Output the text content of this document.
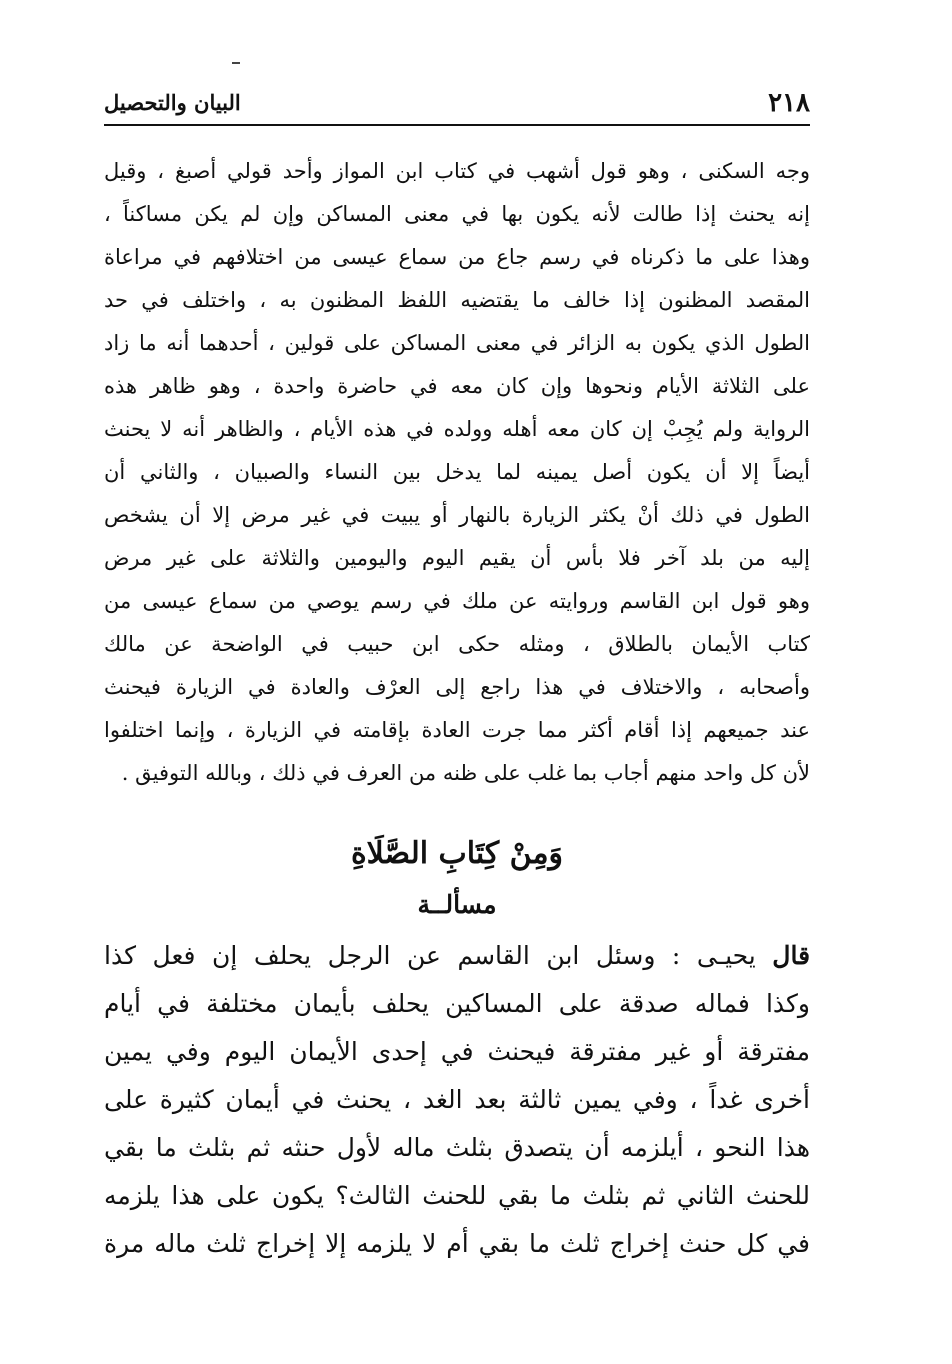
٢١٨
البيان والتحصيل
وجه السكنى ، وهو قول أشهب في كتاب ابن المواز وأحد قولي أصبغ ، وقيل
إنه يحنث إذا طالت لأنه يكون بها في معنى المساكن وإن لم يكن مساكناً ،
وهذا على ما ذكرناه في رسم جاع من سماع عيسى من اختلافهم في مراعاة
المقصد المظنون إذا خالف ما يقتضيه اللفظ المظنون به ، واختلف في حد
الطول الذي يكون به الزائر في معنى المساكن على قولين ، أحدهما أنه ما زاد
على الثلاثة الأيام ونحوها وإن كان معه في حاضرة واحدة ، وهو ظاهر هذه
الرواية ولم يُجِبْ إن كان معه أهله وولده في هذه الأيام ، والظاهر أنه لا يحنث
أيضاً إلا أن يكون أصل يمينه لما يدخل بين النساء والصبيان ، والثاني أن
الطول في ذلك أنْ يكثر الزيارة بالنهار أو يبيت في غير مرض إلا أن يشخص
إليه من بلد آخر فلا بأس أن يقيم اليوم واليومين والثلاثة على غير مرض
وهو قول ابن القاسم وروايته عن ملك في رسم يوصي من سماع عيسى من
كتاب الأيمان بالطلاق ، ومثله حكى ابن حبيب في الواضحة عن مالك
وأصحابه ، والاختلاف في هذا راجع إلى العرْف والعادة في الزيارة فيحنث
عند جميعهم إذا أقام أكثر مما جرت العادة بإقامته في الزيارة ، وإنما اختلفوا
لأن كل واحد منهم أجاب بما غلب على ظنه من العرف في ذلك ، وبالله التوفيق .
وَمِنْ كِتَابِ الصَّلَاةِ
مسألــة
قال يحيـى : وسئل ابن القاسم عن الرجل يحلف إن فعل كذا
وكذا فماله صدقة على المساكين يحلف بأيمان مختلفة في أيام
مفترقة أو غير مفترقة فيحنث في إحدى الأيمان اليوم وفي يمين
أخرى غداً ، وفي يمين ثالثة بعد الغد ، يحنث في أيمان كثيرة على
هذا النحو ، أيلزمه أن يتصدق بثلث ماله لأول حنثه ثم بثلث ما بقي
للحنث الثاني ثم بثلث ما بقي للحنث الثالث؟ يكون على هذا يلزمه
في كل حنث إخراج ثلث ما بقي أم لا يلزمه إلا إخراج ثلث ماله مرة
